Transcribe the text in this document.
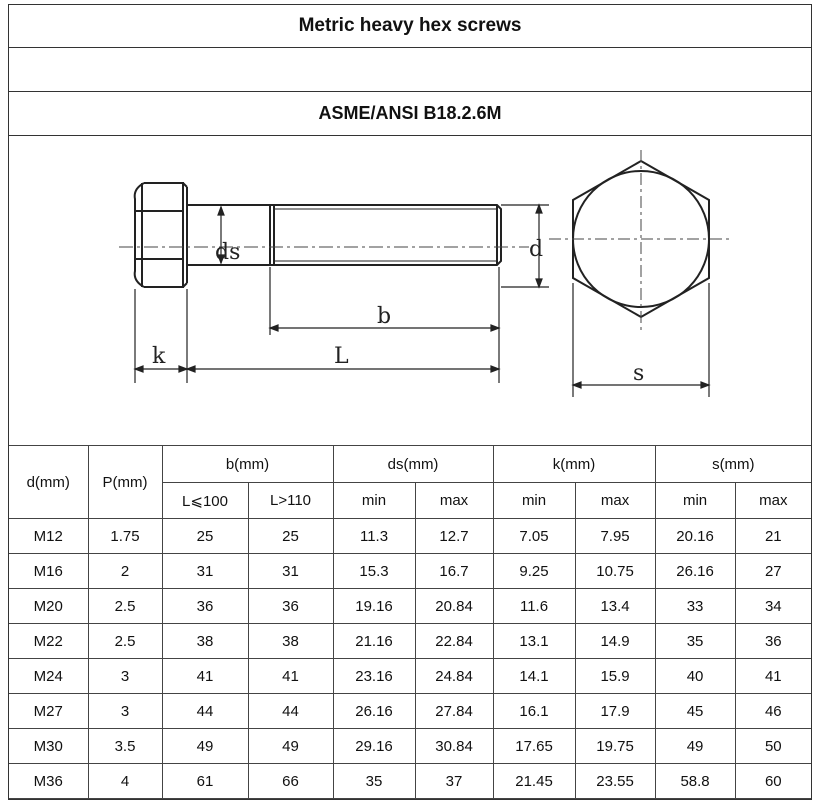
Metric heavy hex screws
ASME/ANSI B18.2.6M
ds	d
b
k	L
s
d(mm)	P(mm)	b(mm)		ds(mm)		k(mm)		s(mm)	
		L⩽100	L>110	min	max	min	max	min	max
M12	1.75	25	25	11.3	12.7	7.05	7.95	20.16	21
M16	2	31	31	15.3	16.7	9.25	10.75	26.16	27
M20	2.5	36	36	19.16	20.84	11.6	13.4	33	34
M22	2.5	38	38	21.16	22.84	13.1	14.9	35	36
M24	3	41	41	23.16	24.84	14.1	15.9	40	41
M27	3	44	44	26.16	27.84	16.1	17.9	45	46
M30	3.5	49	49	29.16	30.84	17.65	19.75	49	50
M36	4	61	66	35	37	21.45	23.55	58.8	60
